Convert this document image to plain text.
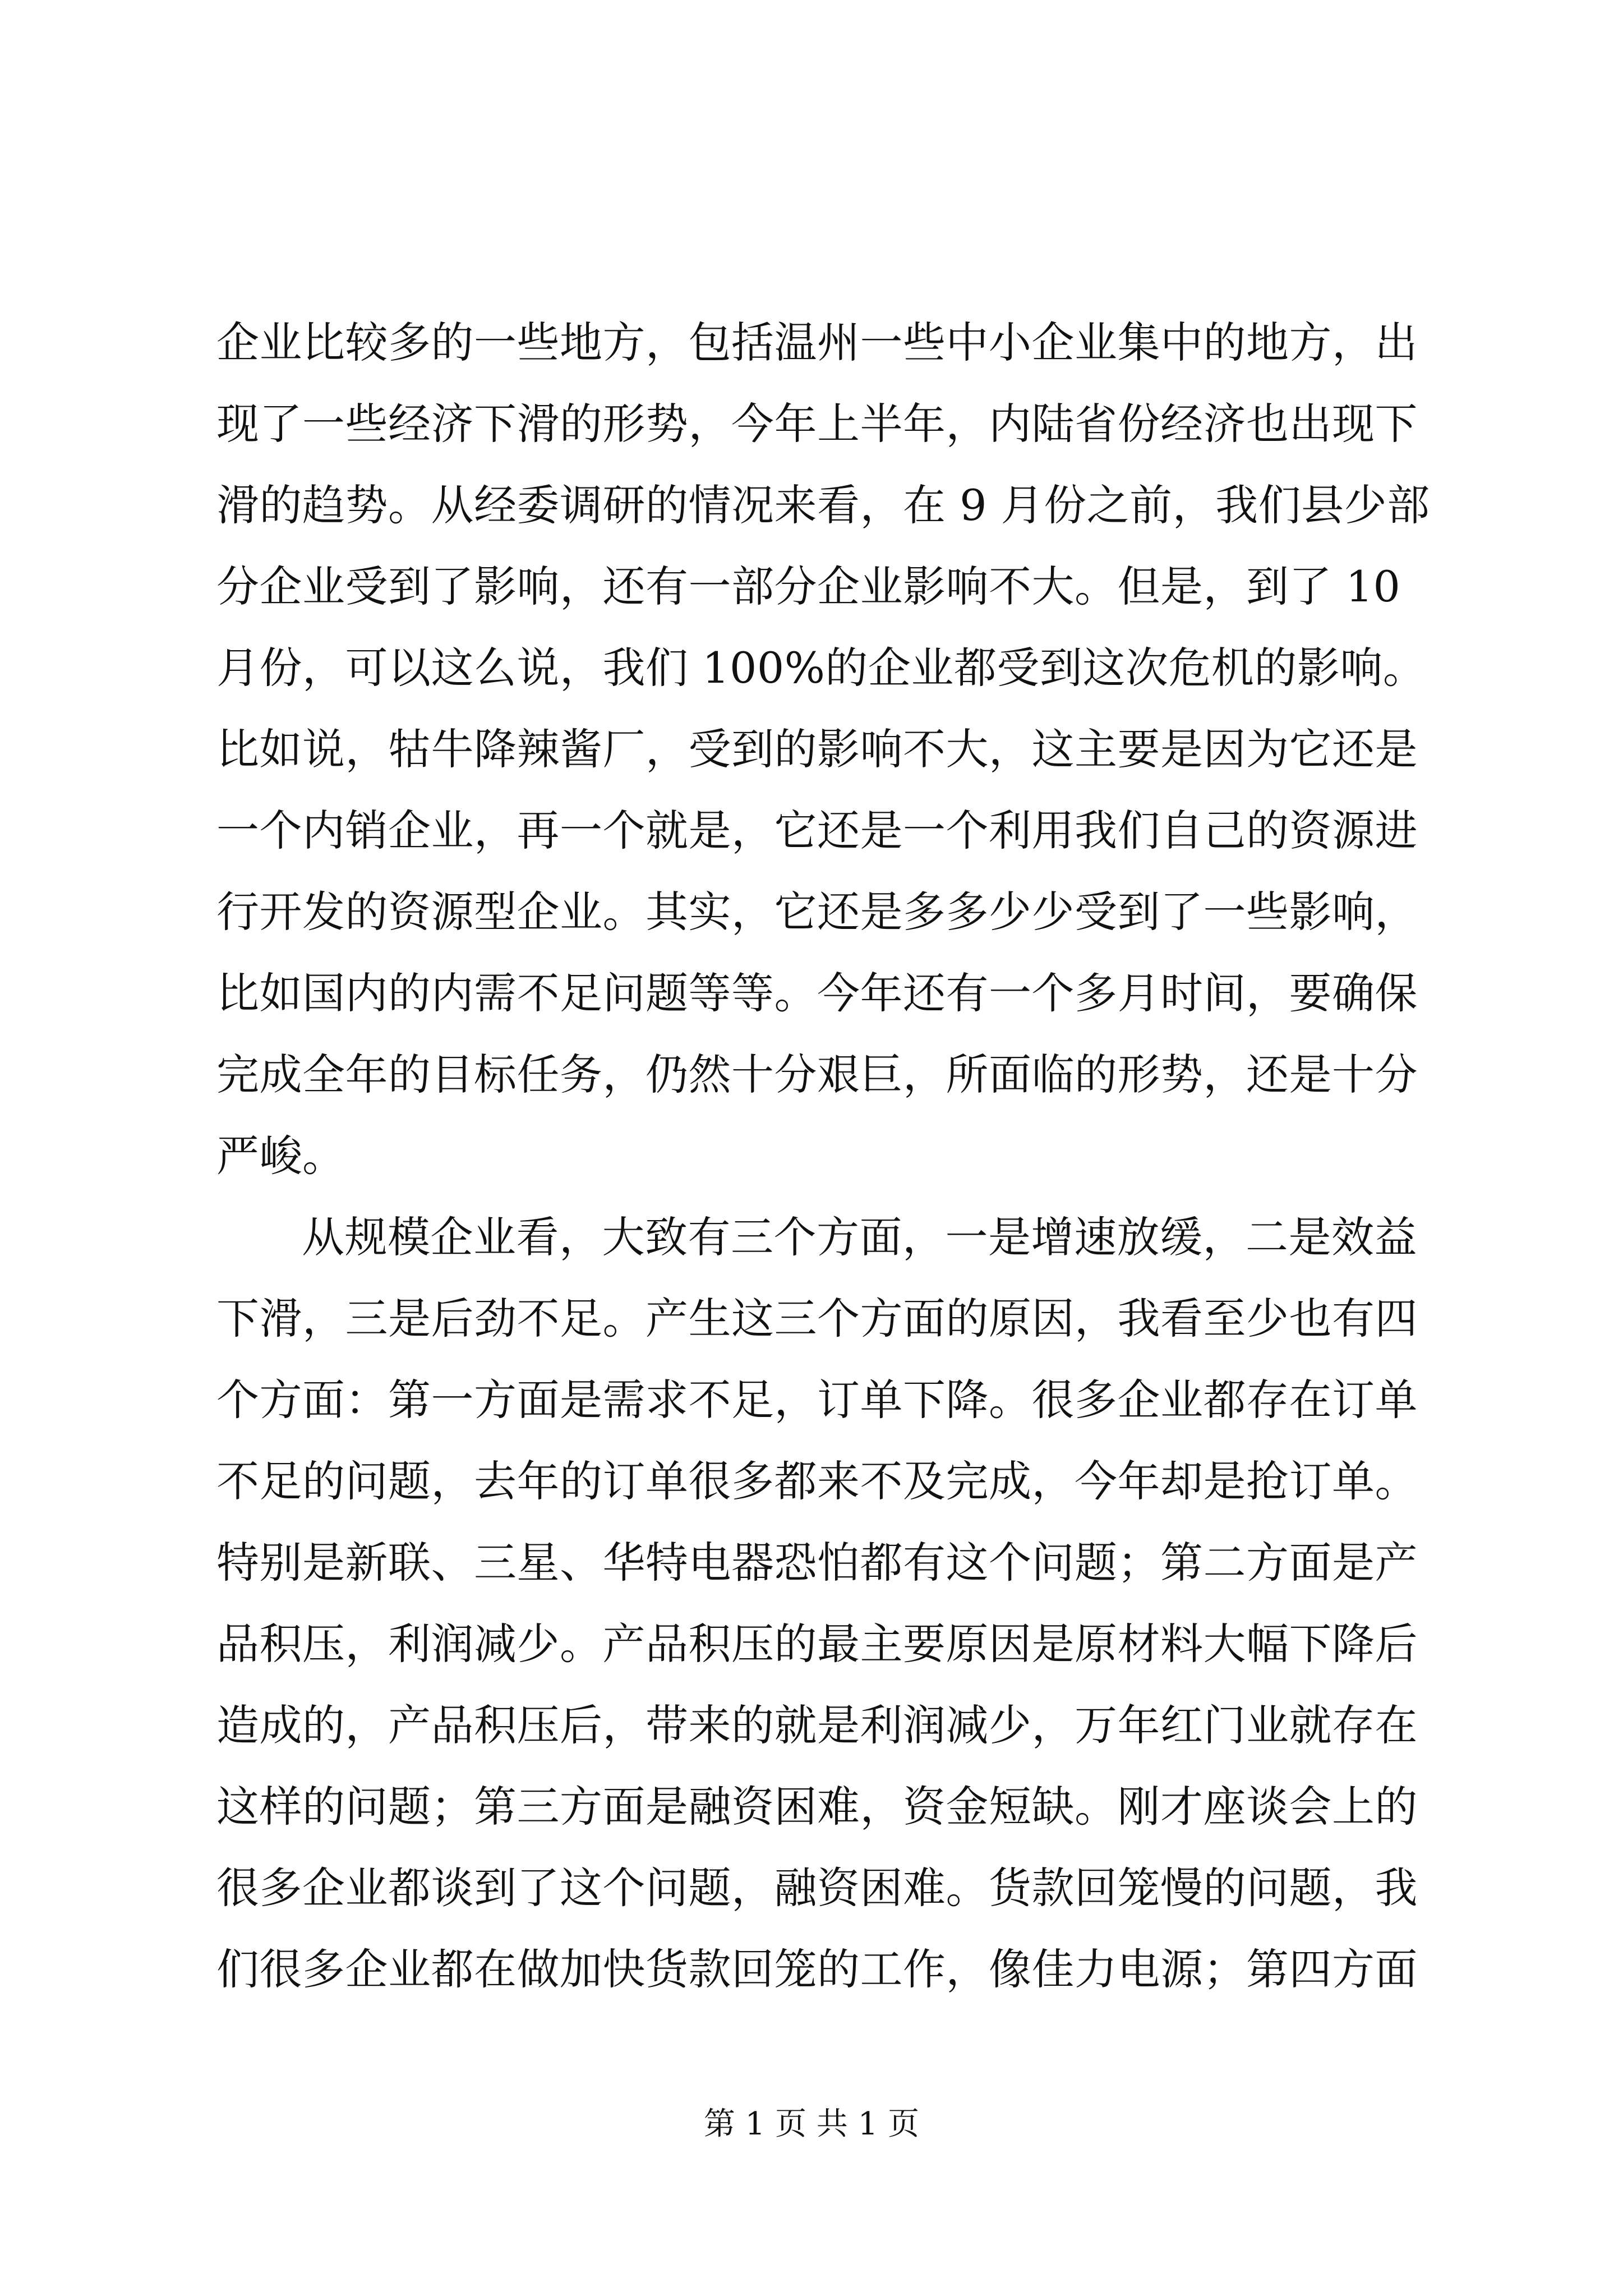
企业比较多的一些地方，包括温州一些中小企业集中的地方，出
现了一些经济下滑的形势，今年上半年，内陆省份经济也出现下
滑的趋势。从经委调研的情况来看，在 9 月份之前，我们县少部
分企业受到了影响，还有一部分企业影响不大。但是，到了 10
月份，可以这么说，我们 100%的企业都受到这次危机的影响。
比如说，牯牛降辣酱厂，受到的影响不大，这主要是因为它还是
一个内销企业，再一个就是，它还是一个利用我们自己的资源进
行开发的资源型企业。其实，它还是多多少少受到了一些影响，
比如国内的内需不足问题等等。今年还有一个多月时间，要确保
完成全年的目标任务，仍然十分艰巨，所面临的形势，还是十分
严峻。
从规模企业看，大致有三个方面，一是增速放缓，二是效益
下滑，三是后劲不足。产生这三个方面的原因，我看至少也有四
个方面：第一方面是需求不足，订单下降。很多企业都存在订单
不足的问题，去年的订单很多都来不及完成，今年却是抢订单。
特别是新联、三星、华特电器恐怕都有这个问题；第二方面是产
品积压，利润减少。产品积压的最主要原因是原材料大幅下降后
造成的，产品积压后，带来的就是利润减少，万年红门业就存在
这样的问题；第三方面是融资困难，资金短缺。刚才座谈会上的
很多企业都谈到了这个问题，融资困难。货款回笼慢的问题，我
们很多企业都在做加快货款回笼的工作，像佳力电源；第四方面
第 1 页 共 1 页
